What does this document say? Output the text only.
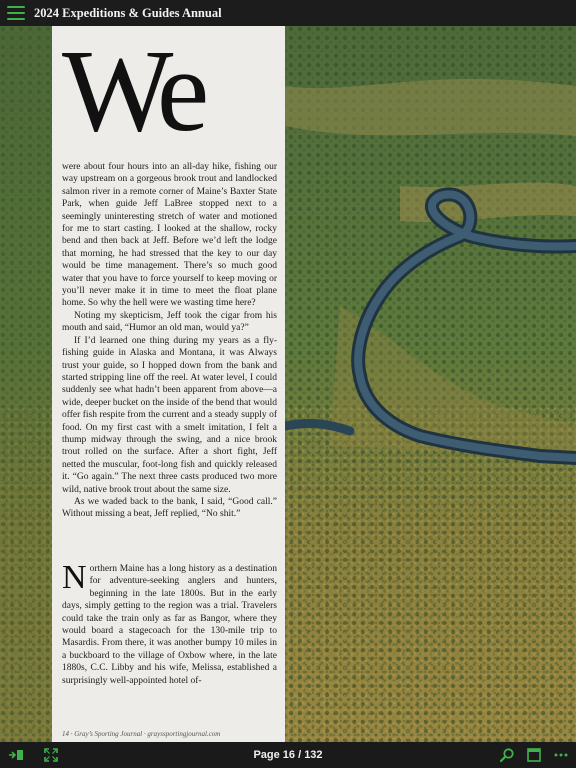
2024 Expeditions & Guides Annual
We

were about four hours into an all-day hike, fishing our way upstream on a gorgeous brook trout and landlocked salmon river in a remote corner of Maine’s Baxter State Park, when guide Jeff LaBree stopped next to a seemingly uninteresting stretch of water and motioned for me to start casting. I looked at the shallow, rocky bend and then back at Jeff. Before we’d left the lodge that morning, he had stressed that the key to our day would be time management. There’s so much good water that you have to force yourself to keep moving or you’ll never make it in time to meet the float plane home. So why the hell were we wasting time here?

Noting my skepticism, Jeff took the cigar from his mouth and said, “Humor an old man, would ya?”

If I’d learned one thing during my years as a fly-fishing guide in Alaska and Montana, it was Always trust your guide, so I hopped down from the bank and started stripping line off the reel. At water level, I could suddenly see what hadn’t been apparent from above—a wide, deeper bucket on the inside of the bend that would offer fish respite from the current and a steady supply of food. On my first cast with a smelt imitation, I felt a thump midway through the swing, and a nice brook trout rolled on the surface. After a short fight, Jeff netted the muscular, foot-long fish and quickly released it. “Go again.” The next three casts produced two more wild, native brook trout about the same size.

As we waded back to the bank, I said, “Good call.” Without missing a beat, Jeff replied, “No shit.”

N orthern Maine has a long history as a destination for adventure-seeking anglers and hunters, beginning in the late 1800s. But in the early days, simply getting to the region was a trial. Travelers could take the train only as far as Bangor, where they would board a stagecoach for the 130-mile trip to Masardis. From there, it was another bumpy 10 miles in a buckboard to the village of Oxbow where, in the late 1880s, C.C. Libby and his wife, Melissa, established a surprisingly well-appointed hotel of-
14 · Gray’s Sporting Journal · grayssportingjournal.com
Page 16 / 132
